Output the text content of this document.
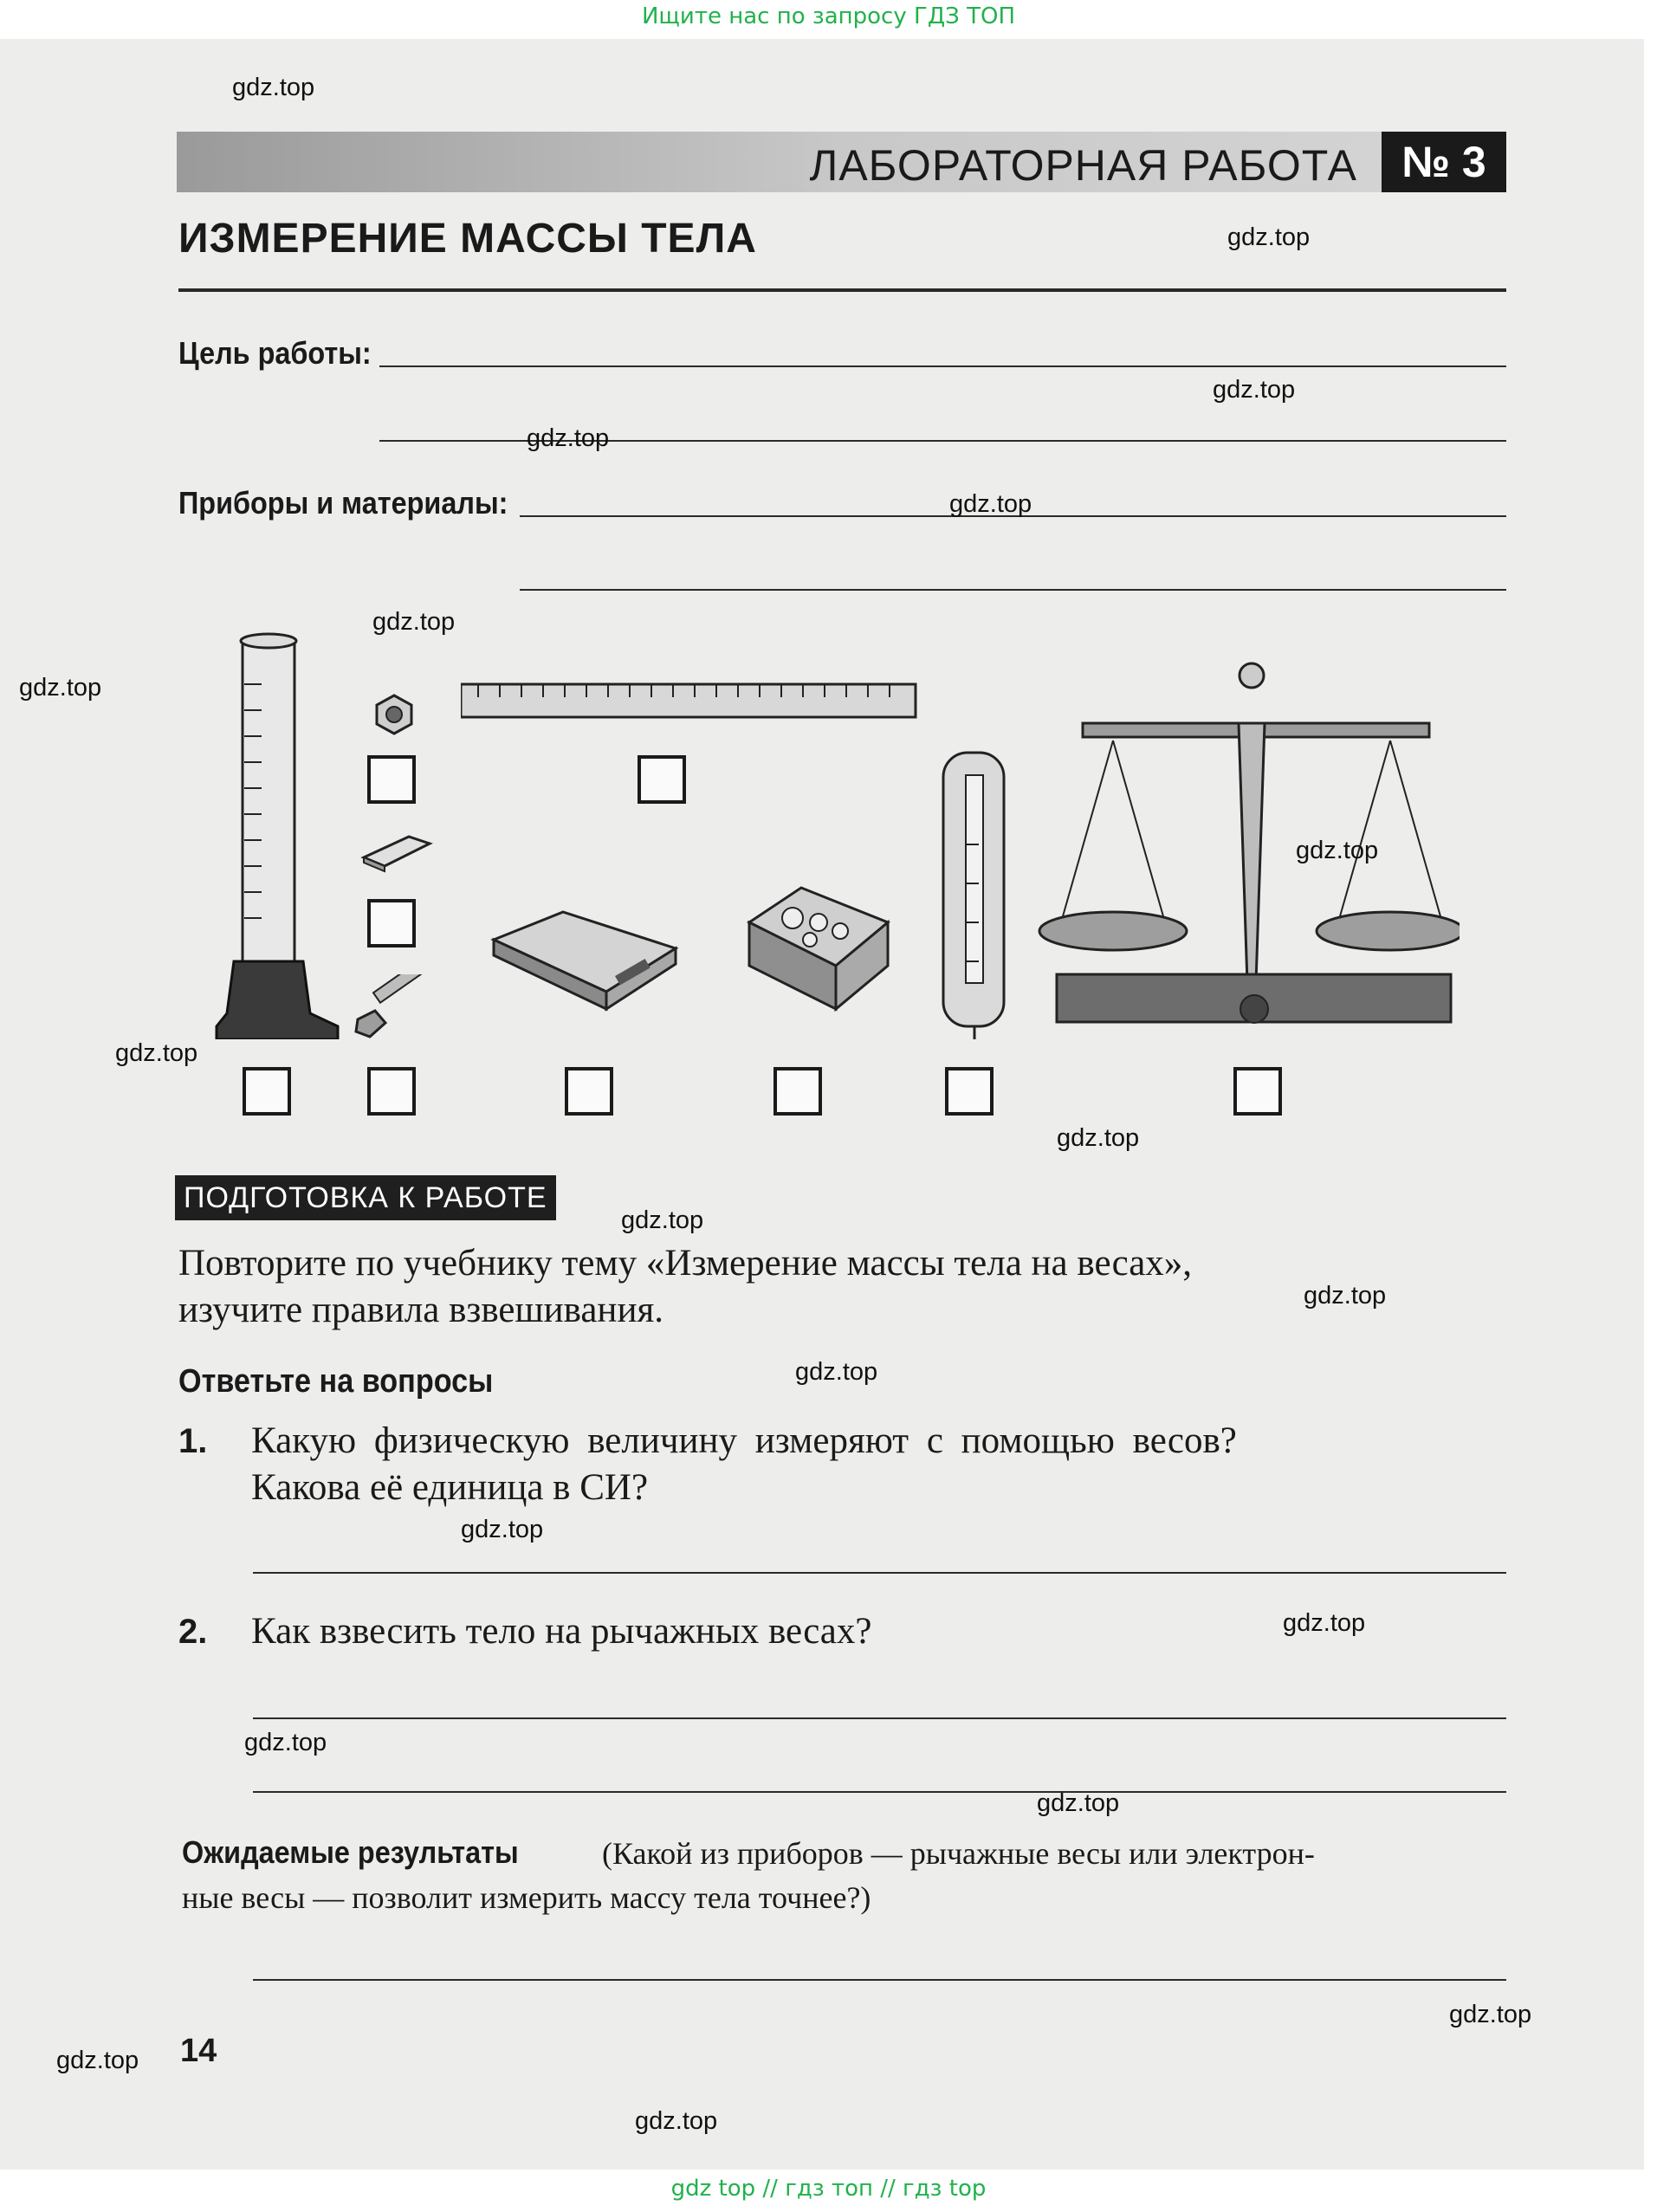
Ищите нас по запросу ГДЗ ТОП
ЛАБОРАТОРНАЯ РАБОТА	№ 3
ИЗМЕРЕНИЕ МАССЫ ТЕЛА
Цель работы:
Приборы и материалы:
ПОДГОТОВКА К РАБОТЕ
Повторите по учебнику тему «Измерение массы тела на весах»,
изучите правила взвешивания.
Ответьте на вопросы
1. Какую физическую величину измеряют с помощью весов?
Какова её единица в СИ?
2. Как взвесить тело на рычажных весах?
Ожидаемые результаты	(Какой из приборов — рычажные весы или электрон-
ные весы — позволит измерить массу тела точнее?)
14
gdz.top
gdz.top
gdz.top
gdz.top
gdz.top
gdz.top
gdz.top
gdz.top
gdz.top
gdz.top
gdz.top
gdz.top
gdz.top
gdz.top
gdz.top
gdz.top
gdz.top
gdz.top
gdz.top
gdz.top
gdz top // гдз топ // гдз top
